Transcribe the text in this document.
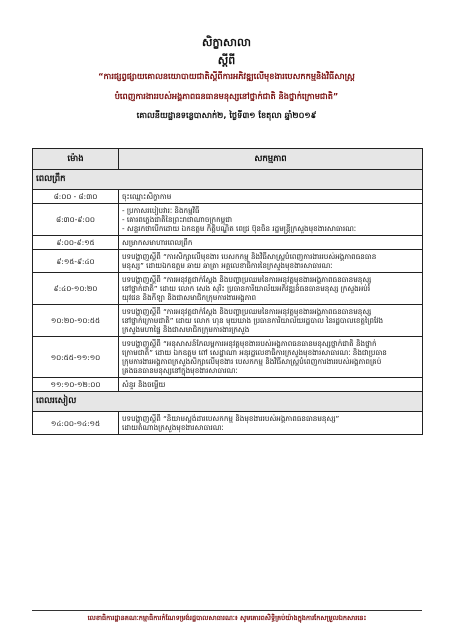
សិក្ខាសាលា
ស្តីពី
“ការផ្សព្វផ្សាយគោលនយោបាយជាតិស្តីពីការអភិវឌ្ឍលើមុខងារបេសកកម្មនិងវិធីសាស្ត្រ
បំពេញការងាររបស់អង្គភាពធនធានមនុស្សនៅថ្នាក់ជាតិ និងថ្នាក់ក្រោមជាតិ”
គោលនីយដ្ឋានទន្លេបាសាក់២, ថ្ងៃទី៣១ ខែតុលា ឆ្នាំ២០១៩
ម៉ោង	សកម្មភាព
ពេលព្រឹក	
៨:០០ - ៨:៣០	ចុះឈ្មោះសិក្ខាកាម

៨:៣០-៩:០០	- ប្រកាសរបៀបវារៈ និងកម្មវិធី
- គោរពភ្លេងជាតិនៃព្រះរាជាណាចក្រកម្ពុជា
- សន្ទរកថាបើកដោយ ឯកឧត្តម កិត្តិបណ្ឌិត ពេជ្រ ប៊ុនចិន រដ្ឋមន្ត្រីក្រសួងមុខងារសាធារណៈ

៩:០០-៩:១៥	សម្រាកសមាហារពេលព្រឹក

៩:១៥-៩:៤០	បទបង្ហាញស្តីពី “ការសិក្សាលើមុខងារ បេសកកម្ម និងវិធីសាស្ត្របំពេញការងាររបស់អង្គភាពធនធាន
មនុស្ស” ដោយឯកឧត្តម ឆាយ ឆាត្រា អគ្គលេខាធិការនៃក្រសួងមុខងារសាធារណៈ

៩:៤០-១០:២០	បទបង្ហាញស្តីពី “ការអនុវត្តជាក់ស្តែង និងបញ្ហាប្រឈមនៃការអនុវត្តមុខងារអង្គភាពធនធានមនុស្ស
នៅថ្នាក់ជាតិ” ដោយ លោក សេង សុរិះ ប្រធានការិយាល័យអភិវឌ្ឍន៍ធនធានមនុស្ស ក្រសួងអប់រំ
យុវជន និងកីឡា និងជាសមាជិកក្រុមការងារអង្គភាព

១០:២០-១០:៥៥	បទបង្ហាញស្តីពី “ការអនុវត្តជាក់ស្តែង និងបញ្ហាប្រឈមនៃការអនុវត្តមុខងារអង្គភាពធនធានមនុស្ស
នៅថ្នាក់ក្រោមជាតិ” ដោយ លោក ហុន មុយឃាង ប្រធានការិយាល័យរដ្ឋបាល នៃរដ្ឋបាលខេត្តព្រៃវែង
ក្រសួងមហាផ្ទៃ និងជាសមាជិកក្រុមការងារក្រសួង

១០:៥៥-១១:១០	បទបង្ហាញស្តីពី “អនុសាសន៍កែលម្អការអនុវត្តមុខងាររបស់អង្គភាពធនធានមនុស្សថ្នាក់ជាតិ និងថ្នាក់
ក្រោមជាតិ” ដោយ ឯកឧត្តម ពៅ សេដ្ឋាណា អនុរដ្ឋលេខាធិការក្រសួងមុខងារសាធារណៈ និងជាប្រធាន
ក្រុមការងារអង្គភាពក្រសួងសិក្សាលើមុខងារ បេសកកម្ម និងវិធីសាស្ត្របំពេញការងាររបស់អង្គភាពគ្រប់
គ្រងធនធានមនុស្សនៅក្នុងមុខងារសាធារណៈ

១១:១០-១២:០០	សំនួរ និងចម្លើយ

ពេលរសៀល	
១៤:០០-១៤:១៥	បទបង្ហាញស្តីពី “និយាមស្តង់ដារបេសកកម្ម និងមុខងាររបស់អង្គភាពធនធានមនុស្ស”
ដោយតំណាងក្រសួងមុខងារសាធារណៈ
លេខាធិការដ្ឋានគណៈកម្មាធិការកំណែទម្រង់រដ្ឋបាលសាធារណៈ៖ សូមគោរពសិទ្ធិគ្រប់យ៉ាងក្នុងការកែសម្រួលឯកសារនេះ
